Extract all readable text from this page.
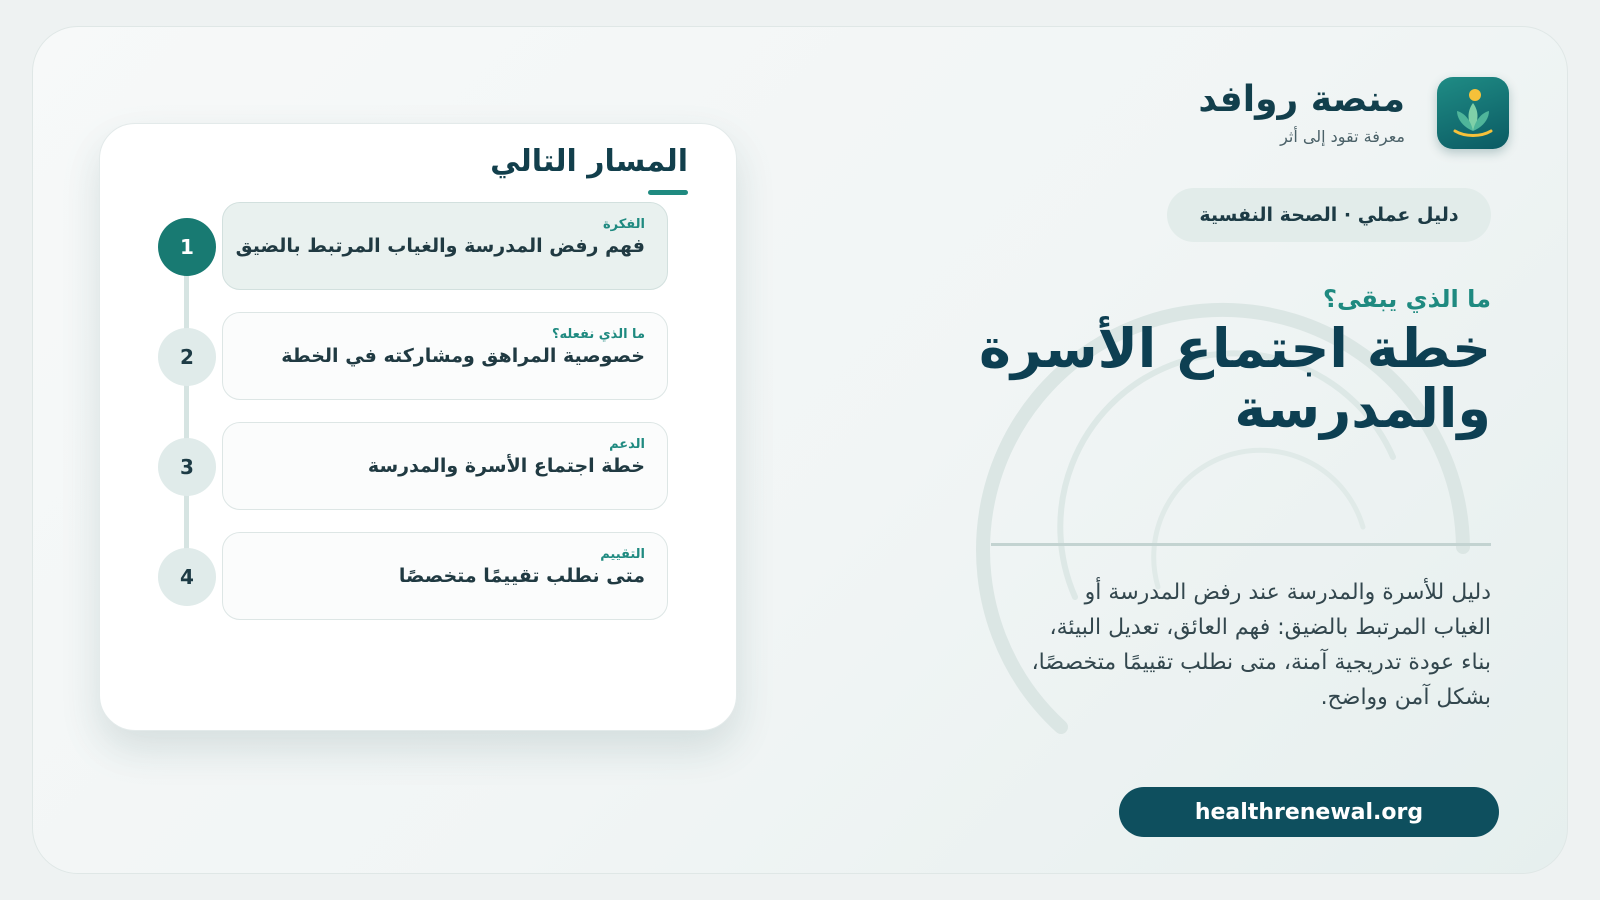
منصة روافد
معرفة تقود إلى أثر
دليل عملي · الصحة النفسية
ما الذي يبقى؟
خطة اجتماع الأسرة والمدرسة
دليل للأسرة والمدرسة عند رفض المدرسة أو الغياب المرتبط بالضيق: فهم العائق، تعديل البيئة، بناء عودة تدريجية آمنة، متى نطلب تقييمًا متخصصًا، بشكل آمن وواضح.
healthrenewal.org
المسار التالي
الفكرة
فهم رفض المدرسة والغياب المرتبط بالضيق
1
ما الذي نفعله؟
خصوصية المراهق ومشاركته في الخطة
2
الدعم
خطة اجتماع الأسرة والمدرسة
3
التقييم
متى نطلب تقييمًا متخصصًا
4
